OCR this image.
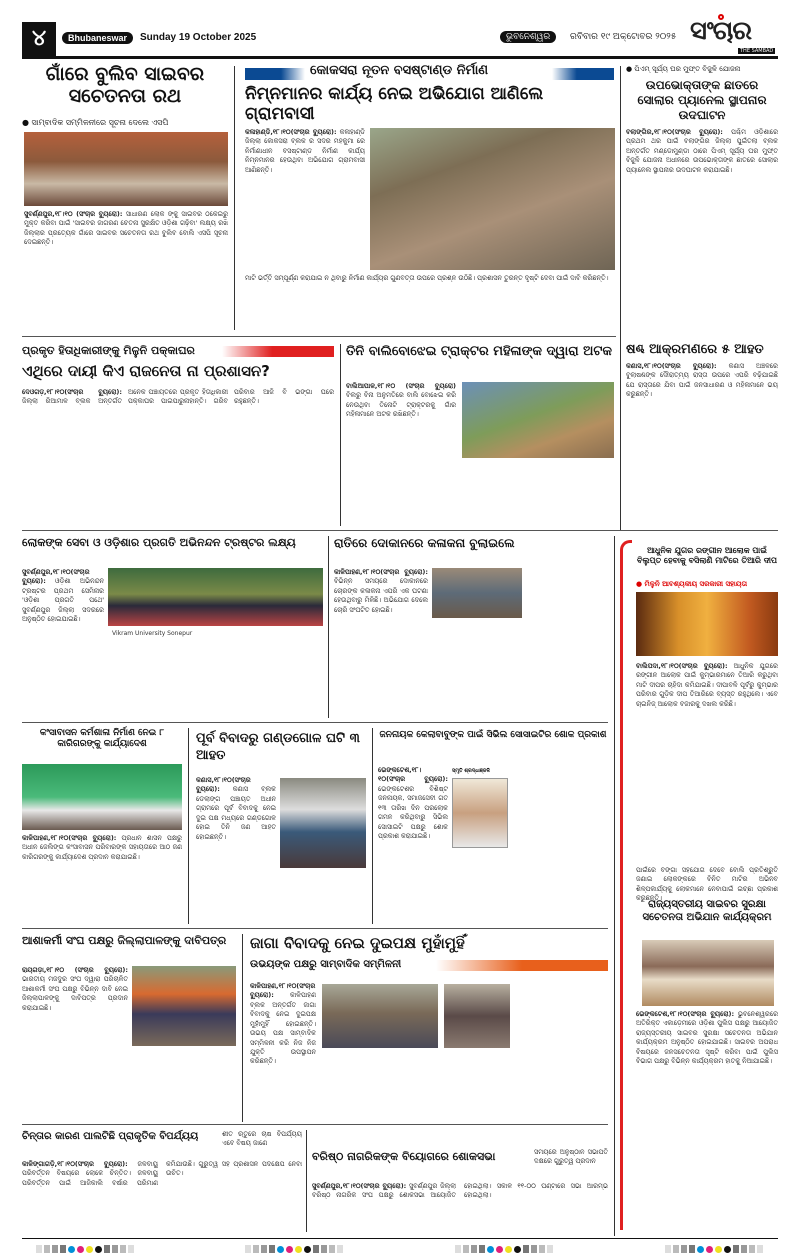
୪	Bhubaneswar	Sunday 19 October 2025	ଭୁବନେଶ୍ୱର	ରବିବାର ୧୯ ଅକ୍ଟୋବର ୨୦୨୫ ସଂଚାର
THE SAMBAD
ଗାଁରେ ବୁଲିବ ସାଇବର ସଚେତନତା ରଥ
● ସାମ୍ବାଦିକ ସମ୍ମିଳନୀରେ ସୂଚନା ଦେଲେ ଏସପି
ସୁବର୍ଣ୍ଣପୁର,୧୮।୧୦ (ସଂଚାର ବ୍ୟୁରୋ): ସାଧାରଣ ଲୋକ ଙ୍କୁ ସାଇବର ଠକେଇରୁ ମୁକ୍ତ କରିବା ପାଇଁ 'ସାଇବର ଜାଗରଣ ଚେତନା ସୁରକ୍ଷିତ ଓଡ଼ିଶା ଗଢ଼ିବା' ଲକ୍ଷ୍ୟ ରଖି ଜିଲ୍ଲାର ପ୍ରତ୍ୟେକ ଗାଁରେ ସାଇବର ସଚେତନତା ରଥ ବୁଲିବ ବୋଲି ଏସପି ସୂଚନା ଦେଇଛନ୍ତି।
କୋକସରା ନୂତନ ବସଷ୍ଟାଣ୍ଡ ନିର୍ମାଣ
ନିମ୍ନମାନର କାର୍ଯ୍ୟ ନେଇ ଅଭିଯୋଗ ଆଣିଲେ ଗ୍ରାମବାସୀ
କଳାହାଣ୍ଡି,୧୮।୧୦(ସଂଚାର ବ୍ୟୁରୋ): କଳାହାଣ୍ଡି ଜିଲ୍ଲା କୋକସରା ବ୍ଲକ ର ସଦର ମହକୁମା ରେ ନିର୍ମାଣାଧୀନ ବସଷ୍ଟାଣ୍ଡ ନିର୍ମାଣ କାର୍ଯ୍ୟ ନିମ୍ନମାନର ହେଉଥିବା ଅଭିଯୋଗ ଗ୍ରାମବାସୀ ଆଣିଛନ୍ତି।
ମାଟି ଭର୍ତ୍ତି ସମ୍ପୂର୍ଣ୍ଣ କରାଯାଇ ନ ଥିବାରୁ ନିର୍ମାଣ କାର୍ଯ୍ୟର ଗୁଣବତ୍ତା ଉପରେ ପ୍ରଶ୍ନ ଉଠିଛି। ପ୍ରଶାସନ ତୁରନ୍ତ ଦୃଷ୍ଟି ଦେବା ପାଇଁ ଦାବି କରିଛନ୍ତି।
● ପିଏମ୍ ସୂର୍ଯ୍ୟ ଘର ମୁଫ୍ତ ବିଜୁଳି ଯୋଜନା
ଉପଭୋକ୍ତାଙ୍କ ଛାତରେ ସୋଲାର ପ୍ୟାନେଲ ସ୍ଥାପନାର ଉଦଘାଟନ
ବଲାଙ୍ଗିର,୧୮।୧୦(ସଂଚାର ବ୍ୟୁରୋ): ପଶ୍ଚିମ ଓଡ଼ିଶାରେ ପ୍ରଥମ ଥର ପାଇଁ ବଲାଙ୍ଗିର ଜିଲ୍ଲା ପୁଇଁତଲା ବ୍ଲକ ଅନ୍ତର୍ଗତ ମଣ୍ଡୋମୁଣ୍ଡା ଠାରେ ପିଏମ୍ ସୂର୍ଯ୍ୟ ଘର ମୁଫ୍ତ ବିଜୁଳି ଯୋଜନା ଅଧୀନରେ ଉପଭୋକ୍ତାଙ୍କ ଛାତରେ ସୋଲାର ପ୍ୟାନେଲ ସ୍ଥାପନାର ଉଦଘାଟନ କରାଯାଇଛି।
ପ୍ରକୃତ ହିତାଧିକାରୀଙ୍କୁ ମିଳୁନି ପକ୍କାଘର
ଏଥିରେ ଦାୟୀ କିଏ ରାଜନେତା ନା ପ୍ରଶାସନ?
ଦେଓଗଡ଼,୧୮।୧୦(ସଂଚାର ବ୍ୟୁରୋ): ଜିଲ୍ଲା ରିଆମାଳ ବ୍ଲକ ଅନ୍ତର୍ଗତ ଅନେକ ପଞ୍ଚାୟତରେ ପ୍ରକୃତ ହିତାଧିକାରୀ ପକ୍କାଘର ପାଇପାରୁନାହାନ୍ତି। ଗରିବ ପରିବାର ଆଜି ବି ଭଙ୍ଗା ଘରେ ରହୁଛନ୍ତି।
ତିନି ବାଲିବୋଝେଇ ଟ୍ରାକ୍ଟର ମହିଳାଙ୍କ ଦ୍ୱାରା ଅଟକ
ବାଲିଆପାଳ,୧୮।୧୦ (ସଂଚାର ବ୍ୟୁରୋ) ବିଲରୁ ବିନା ଅନୁମତିରେ ବାଲି ବୋଝେଇ କରି ନେଉଥିବା ତିନୋଟି ଟ୍ରାକ୍ଟରକୁ ଗାଁର ମହିଳାମାନେ ଅଟକ ରଖିଛନ୍ତି।
ଷଣ୍ଢ ଆକ୍ରମଣରେ ୫ ଆହତ
କଣାସ,୧୮।୧୦(ସଂଚାର ବ୍ୟୁରୋ): କଣାସ ଅଞ୍ଚଳରେ ବୁଲାଷଣ୍ଢଙ୍କ ଦୌରାତ୍ମ୍ୟ ରାସ୍ତା ଉପରେ ଏପରି ବଢ଼ିଯାଇଛି ଯେ ରାସ୍ତାରେ ଯିବା ପାଇଁ ଜନସାଧାରଣ ଓ ମହିଳାମାନେ ଭୟ କରୁଛନ୍ତି।
ଲୋକଙ୍କ ସେବା ଓ ଓଡ଼ିଶାର ପ୍ରଗତି ଅଭିନନ୍ଦନ ଟ୍ରଷ୍ଟର ଲକ୍ଷ୍ୟ
ସୁବର୍ଣ୍ଣପୁର,୧୮।୧୦(ସଂଚାର ବ୍ୟୁରୋ): ଓଡ଼ିଶା ଅଭିନନ୍ଦନ ଟ୍ରଷ୍ଟର ପ୍ରଥମ ସେମିନାର 'ଓଡ଼ିଶା ପ୍ରଗତି ପଥେ' ସୁବର୍ଣ୍ଣପୁର ଜିଲ୍ଲା ସଦରରେ ଅନୁଷ୍ଠିତ ହୋଇଯାଇଛି।
Vikram University Sonepur
ରାତିରେ ଦୋକାନରେ କଳାକନା ବୁଲାଇଲେ
କାଳିପାହଣ,୧୮।୧୦(ସଂଚାର ବ୍ୟୁରୋ): ବିଭିନ୍ନ ସମୟରେ ଦୋକାନରେ ଚୋରଙ୍କ କଳାକନା ଏପରି ଏକ ଘଟଣା ହେଉଥିବାରୁ ମିଳିଛି। ଅଭିଯୋଗ ଦେଲେ ଚୋରି ସଂଘଟିତ ହୋଇଛି।
ଆଧୁନିକ ଯୁଗର ରଙ୍ଗୀନ ଆଲୋକ ପାଇଁ ବିଲୁପ୍ତ ହେବାକୁ ବସିଲାଣି ମାଟିରେ ତିଆରି ଦୀପ
● ମିଳୁନି ଆବଶ୍ୟକୀୟ ସରକାରୀ ସହାୟତା
ବାଲିପଦା,୧୮।୧୦(ସଂଚାର ବ୍ୟୁରୋ): ଆଧୁନିକ ଯୁଗରେ ରଙ୍ଗୀନ ଆଲୋକ ପାଇଁ କୁମ୍ଭାରମାନେ ତିଆରି କରୁଥିବା ମାଟି ଦୀପର ଚାହିଦା କମିଯାଇଛି। ଦୀପାବଳି ପୂର୍ବରୁ କୁମ୍ଭାର ପରିବାର ଗୁଡ଼ିକ ଦୀପ ତିଆରିରେ ବ୍ୟସ୍ତ ରହୁଥିଲେ। ଏବେ ଚାଇନିଜ୍ ଆଲୋକ ବଜାରକୁ ଦଖଲ କରିଛି।
କଂସାବାସନ କର୍ମଶାଳା ନିର୍ମାଣ ନେଇ ୮ କାରିଗରଙ୍କୁ କାର୍ଯ୍ୟାଦେଶ
କାଳିପାହଣ,୧୮।୧୦(ସଂଚାର ବ୍ୟୁରୋ): ପ୍ରଧାନ ଶାସନ ପକ୍ଷରୁ ଅଧୀନ ଜେଲିଙ୍ଗ କଂସାବାସନ ପରିବାରଙ୍କ ସହାୟତାରେ ଆଠ ଜଣ କାରିଗରଙ୍କୁ କାର୍ଯ୍ୟାଦେଶ ପ୍ରଦାନ କରାଯାଇଛି।
ପୂର୍ବ ବିବାଦରୁ ଗଣ୍ଡଗୋଳ ଘଟି ୩ ଆହତ
କଣାସ,୧୮।୧୦(ସଂଚାର ବ୍ୟୁରୋ): କଣାସ ବ୍ଲକ ଡେଲାଙ୍ଗ ପଞ୍ଚାୟତ ଅଧୀନ ଗ୍ରାମରେ ପୂର୍ବ ବିବାଦକୁ ନେଇ ଦୁଇ ପକ୍ଷ ମଧ୍ୟରେ ଗଣ୍ଡଗୋଳ ହୋଇ ତିନି ଜଣ ଆହତ ହୋଇଛନ୍ତି।
ଜନନାୟକ କେଲାବାବୁଙ୍କ ପାଇଁ ସିଭିଲ ସୋସାଇଟିର ଶୋକ ପ୍ରକାଶ
ଭେଙ୍କଟେଶ,୧୮।୧୦(ସଂଚାର ବ୍ୟୁରୋ): ଭେଙ୍କଟେଶର ବିଶିଷ୍ଟ ଜନନାୟକ, ସମାଜସେବୀ ଗତ ୧୩ ତାରିଖ ଦିନ ପରଲୋକ ଗମନ କରିଥିବାରୁ ସିଭିଲ ସୋସାଇଟି ପକ୍ଷରୁ ଶୋକ ପ୍ରକାଶ କରାଯାଇଛି।
ସ୍ମୃତି ଶ୍ରଦ୍ଧାଞ୍ଜଳି
ପାଇଁରେ ବଙ୍ଗା ସହଯୋଗ ଦେବେ ବୋଲି ପ୍ରତିଶ୍ରୁତି ଜଣାଇ ଲୋକଙ୍କରେ ବିନିତ ମାଟିର ଅଭିନବ ଶିଳ୍ପକାର୍ଯ୍ୟକୁ ଲୋକମାନେ ନେବାପାଇଁ ଇଚ୍ଛା ପ୍ରକାଶ କରୁଛନ୍ତି।
ରାଜ୍ୟସ୍ତରୀୟ ସାଇବର ସୁରକ୍ଷା ସଚେତନତା ଅଭିଯାନ କାର୍ଯ୍ୟକ୍ରମ
ଭେଙ୍କଟେଶ,୧୮।୧୦(ସଂଚାର ବ୍ୟୁରୋ): ଭୁବନେଶ୍ୱରରେ ଅତିରିକ୍ତ ଏକାଡ଼େମୀରେ ଓଡ଼ିଶା ପୁଲିସ ପକ୍ଷରୁ ଆୟୋଜିତ ରାଜ୍ୟସ୍ତରୀୟ ସାଇବର ସୁରକ୍ଷା ସଚେତନତା ଅଭିଯାନ କାର୍ଯ୍ୟକ୍ରମ ଅନୁଷ୍ଠିତ ହୋଇଯାଇଛି। ସାଇବର ଅପରାଧ ବିଷୟରେ ଜନସଚେତନତା ସୃଷ୍ଟି କରିବା ପାଇଁ ପୁଲିସ ବିଭାଗ ପକ୍ଷରୁ ବିଭିନ୍ନ କାର୍ଯ୍ୟକ୍ରମ ହାତକୁ ନିଆଯାଇଛି।
ଆଶାକର୍ମୀ ସଂଘ ପକ୍ଷରୁ ଜିଲ୍ଲାପାଳଙ୍କୁ ଦାବିପତ୍ର
ରାୟଗଡ଼ା,୧୮।୧୦ (ସଂଚାର ବ୍ୟୁରୋ): ଭାରତୀୟ ମଜଦୁର ସଂଘ ଦ୍ୱାରା ପରିଚାଳିତ ଆଶାକର୍ମୀ ସଂଘ ପକ୍ଷରୁ ବିଭିନ୍ନ ଦାବି ନେଇ ଜିଲ୍ଲାପାଳଙ୍କୁ ଦାବିପତ୍ର ପ୍ରଦାନ କରାଯାଇଛି।
ଜାଗା ବିବାଦକୁ ନେଇ ଦୁଇପକ୍ଷ ମୁହାଁମୁହିଁ
ଉଭୟଙ୍କ ପକ୍ଷରୁ ସାମ୍ବାଦିକ ସମ୍ମିଳନୀ
କାଳିପାହଣ,୧୮।୧୦(ସଂଚାର ବ୍ୟୁରୋ): କାଳିପାହଣ ବ୍ଲକ ଅନ୍ତର୍ଗତ ଜାଗା ବିବାଦକୁ ନେଇ ଦୁଇପକ୍ଷ ମୁହାଁମୁହିଁ ହୋଇଛନ୍ତି। ଉଭୟ ପକ୍ଷ ସାମ୍ବାଦିକ ସମ୍ମିଳନୀ କରି ନିଜ ନିଜ ଯୁକ୍ତି ଉପସ୍ଥାପନ କରିଛନ୍ତି।
ଚିନ୍ତାର କାରଣ ପାଲଟିଛି ପ୍ରାକୃତିକ ବିପର୍ଯ୍ୟୟ	ଶୀତ ଋତୁରେ ଚାଷ ବିପର୍ଯ୍ୟୟ ଏବେ ବିଷୟ ଜାଣେ
କାଳିଙ୍ଗାଗଡ଼ି,୧୮।୧୦(ସଂଚାର ବ୍ୟୁରୋ): ଜଳବାୟୁ ପରିବର୍ତ୍ତନ ବିଷୟରେ ଲୋକେ ଚିନ୍ତିତ। ଜଳବାୟୁ ପରିବର୍ତ୍ତନ ପାଇଁ ଆଜିକାଲି ବର୍ଷାର ପରିମାଣ କମିଯାଉଛି। ଗୁରୁତ୍ୱ ସହ ପ୍ରଶାସନ ପଦକ୍ଷେପ ନେବା ଉଚିତ।
ବରିଷ୍ଠ ନାଗରିକଙ୍କ ବିୟୋଗରେ ଶୋକସଭା	ସମୟରେ ଅନୁଷ୍ଠାନ ସଭାପତି ଦକ୍ଷରେ ଗୁରୁତ୍ୱ ପ୍ରଦାନ
ସୁବର୍ଣ୍ଣପୁର,୧୮।୧୦(ସଂଚାର ବ୍ୟୁରୋ): ସୁବର୍ଣ୍ଣପୁର ଜିଲ୍ଲା ବରିଷ୍ଠ ନାଗରିକ ସଂଘ ପକ୍ଷରୁ ଶୋକସଭା ଆୟୋଜିତ ହୋଇଥିଲା। ସକାଳ ୧୧-୦୦ ଘଣ୍ଟାରେ ସଭା ଆରମ୍ଭ ହୋଇଥିଲା।
